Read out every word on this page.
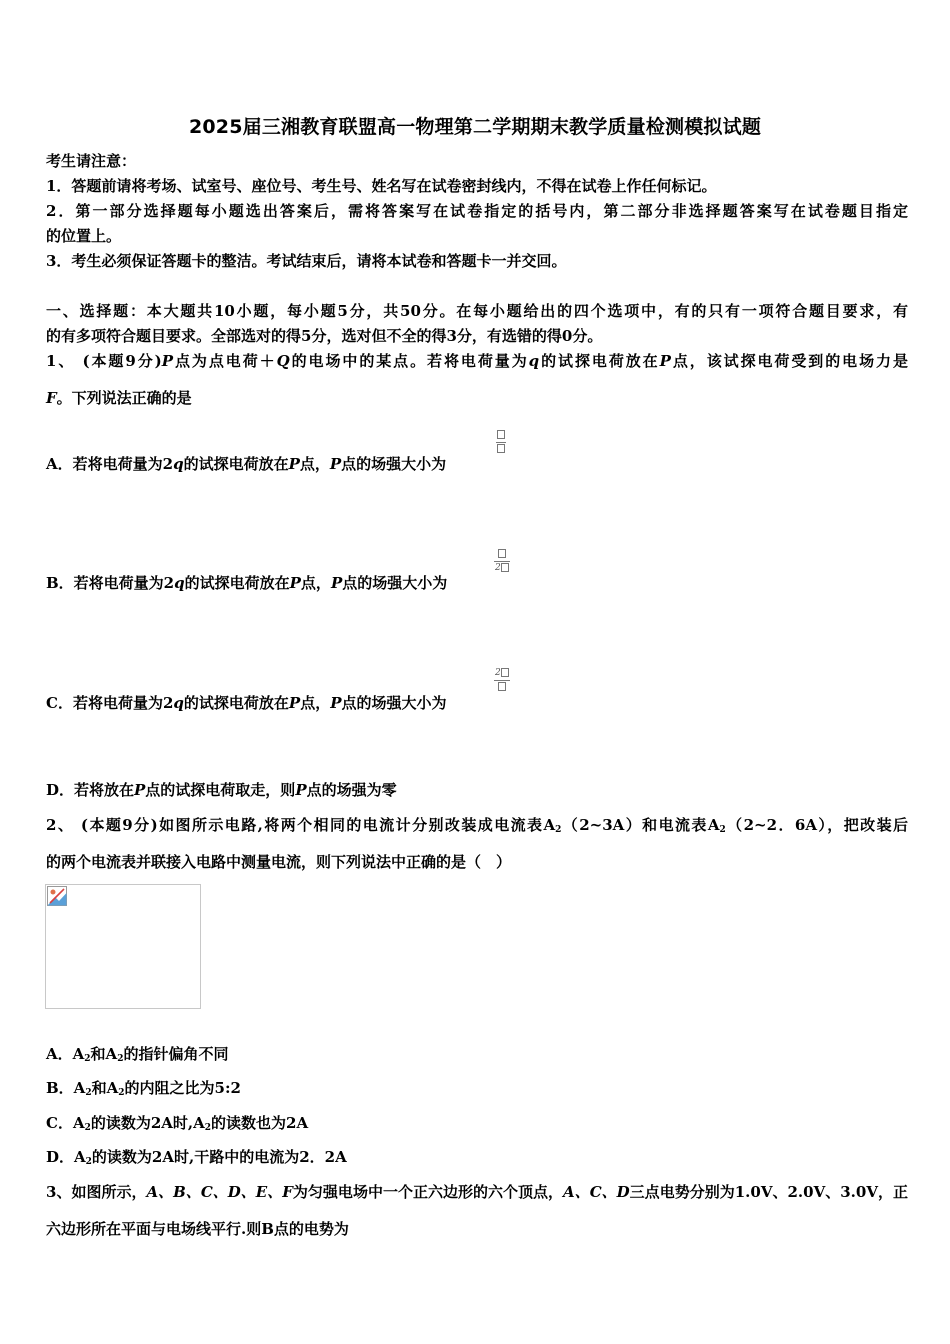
2025届三湘教育联盟高一物理第二学期期末教学质量检测模拟试题
考生请注意：
1．答题前请将考场、试室号、座位号、考生号、姓名写在试卷密封线内，不得在试卷上作任何标记。
2．第一部分选择题每小题选出答案后，需将答案写在试卷指定的括号内，第二部分非选择题答案写在试卷题目指定
的位置上。
3．考生必须保证答题卡的整洁。考试结束后，请将本试卷和答题卡一并交回。
一、选择题：本大题共10小题，每小题5分，共50分。在每小题给出的四个选项中，有的只有一项符合题目要求，有
的有多项符合题目要求。全部选对的得5分，选对但不全的得3分，有选错的得0分。
1、 (本题9分)P点为点电荷＋Q的电场中的某点。若将电荷量为q的试探电荷放在P点，该试探电荷受到的电场力是
F。下列说法正确的是
A．若将电荷量为2q的试探电荷放在P点，P点的场强大小为
B．若将电荷量为2q的试探电荷放在P点，P点的场强大小为
2
C．若将电荷量为2q的试探电荷放在P点，P点的场强大小为
2
D．若将放在P点的试探电荷取走，则P点的场强为零
2、 (本题9分)如图所示电路,将两个相同的电流计分别改装成电流表$A_2(2\sim 3A)$和电流表$A_2(2\sim 2$．6A），把改装后
的两个电流表并联接入电路中测量电流，则下列说法中正确的是（　）
A．$A_2$和$A_2$的指针偏角不同
B．$A_2$和$A_2$的内阻之比为5:2
C．$A_2$的读数为2A时$,A_2$的读数也为2A
D．$A_2$的读数为2A时,干路中的电流为2．2A
3、如图所示，A、B、C、D、E、F为匀强电场中一个正六边形的六个顶点，A、C、D三点电势分别为1.0V、2.0V、3.0V，正
六边形所在平面与电场线平行.则B点的电势为
